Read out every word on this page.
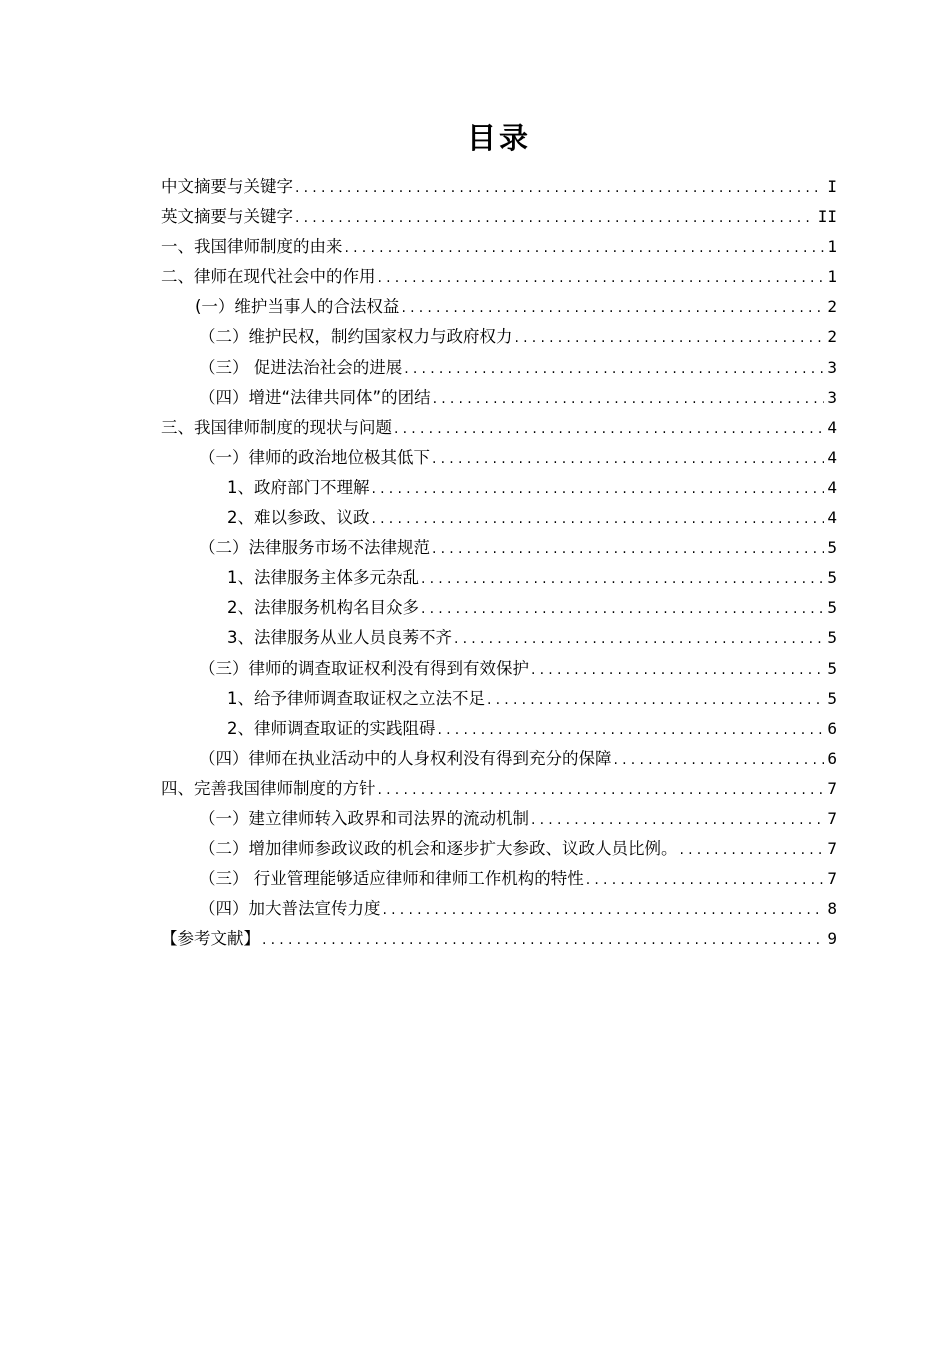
目录
中文摘要与关键字 .....	I
英文摘要与关键字 .....	II
一、我国律师制度的由来 .....	1
二、律师在现代社会中的作用 .....	1
(一）维护当事人的合法权益 .....	2
（二）维护民权，制约国家权力与政府权力 .....	2
（三） 促进法治社会的进展 .....	3
（四）增进“法律共同体”的团结 .....	3
三、我国律师制度的现状与问题 .....	4
（一）律师的政治地位极其低下 .....	4
1、政府部门不理解 .....	4
2、难以参政、议政 .....	4
（二）法律服务市场不法律规范 .....	5
1、法律服务主体多元杂乱 .....	5
2、法律服务机构名目众多 .....	5
3、法律服务从业人员良莠不齐 .....	5
（三）律师的调查取证权利没有得到有效保护 .....	5
1、给予律师调查取证权之立法不足 .....	5
2、律师调查取证的实践阻碍 .....	6
（四）律师在执业活动中的人身权利没有得到充分的保障 .....	6
四、完善我国律师制度的方针 .....	7
（一）建立律师转入政界和司法界的流动机制 .....	7
（二）增加律师参政议政的机会和逐步扩大参政、议政人员比例。 .....	7
（三） 行业管理能够适应律师和律师工作机构的特性 .....	7
（四）加大普法宣传力度 .....	8
【参考文献】 .....	9
